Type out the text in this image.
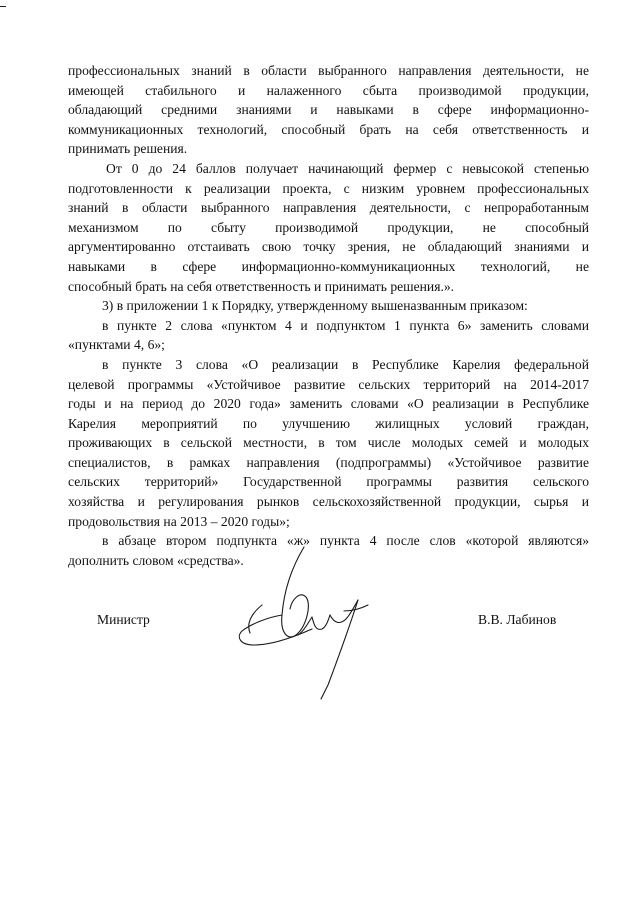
профессиональных знаний в области выбранного направления деятельности, не
имеющей стабильного и налаженного сбыта производимой продукции,
обладающий средними знаниями и навыками в сфере информационно-
коммуникационных технологий, способный брать на себя ответственность и
принимать решения.
От 0 до 24 баллов получает начинающий фермер с невысокой степенью
подготовленности к реализации проекта, с низким уровнем профессиональных
знаний в области выбранного направления деятельности, с непроработанным
механизмом по сбыту производимой продукции, не способный
аргументированно отстаивать свою точку зрения, не обладающий знаниями и
навыками в сфере информационно-коммуникационных технологий, не
способный брать на себя ответственность и принимать решения.».
3) в приложении 1 к Порядку, утвержденному вышеназванным приказом:
в пункте 2 слова «пунктом 4 и подпунктом 1 пункта 6» заменить словами
«пунктами 4, 6»;
в пункте 3 слова «О реализации в Республике Карелия федеральной
целевой программы «Устойчивое развитие сельских территорий на 2014-2017
годы и на период до 2020 года» заменить словами «О реализации в Республике
Карелия мероприятий по улучшению жилищных условий граждан,
проживающих в сельской местности, в том числе молодых семей и молодых
специалистов, в рамках направления (подпрограммы) «Устойчивое развитие
сельских территорий» Государственной программы развития сельского
хозяйства и регулирования рынков сельскохозяйственной продукции, сырья и
продовольствия на 2013 – 2020 годы»;
в абзаце втором подпункта «ж» пункта 4 после слов «которой являются»
дополнить словом «средства».
Министр	В.В. Лабинов
